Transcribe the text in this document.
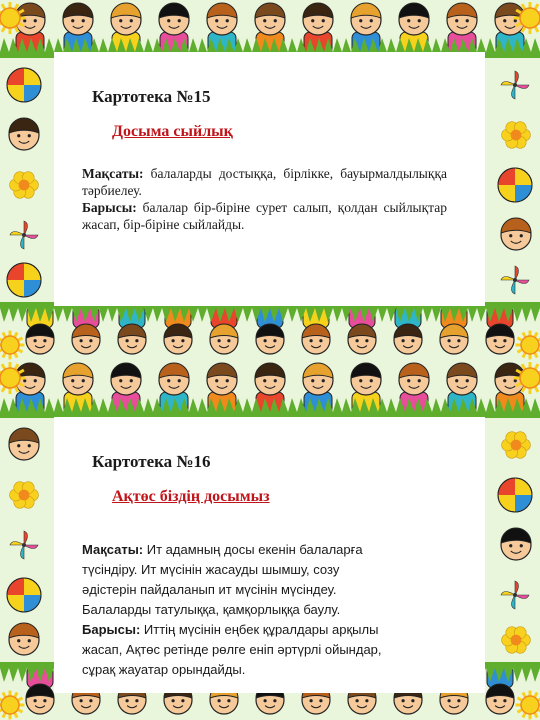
Картотека №15
Досыма сыйлық

Мақсаты: балаларды достыққа, бірлікке, бауырмалдылыққа тәрбиелеу.

Барысы: балалар бір-біріне сурет салып, қолдан сыйлықтар жасап, бір-біріне сыйлайды.

Картотека №16
Ақтөс біздің досымыз

Мақсаты: Ит адамның досы екенін балаларға

түсіндіру. Ит мүсінін жасауды шымшу, созу

әдістерін пайдаланып ит мүсінін мүсіндеу.

Балаларды татулыққа, қамқорлыққа баулу.

Барысы: Иттің мүсінін еңбек құралдары арқылы

жасап, Ақтөс ретінде рөлге еніп әртүрлі ойындар,

сұрақ жауатар орындайды.
